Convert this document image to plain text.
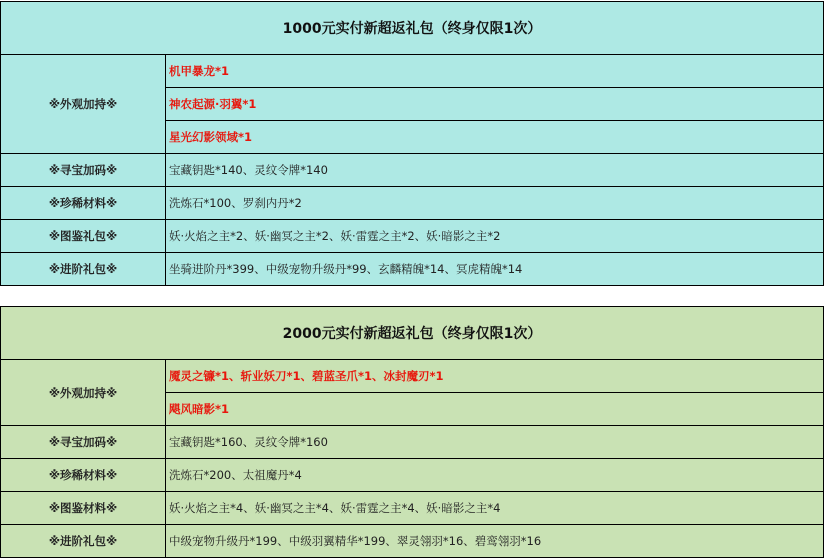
1000元实付新超返礼包（终身仅限1次）	
※外观加持※	机甲暴龙*1
	神农起源·羽翼*1
	星光幻影领域*1
※寻宝加码※	宝藏钥匙*140、灵纹令牌*140
※珍稀材料※	洗炼石*100、罗刹内丹*2
※图鉴礼包※	妖·火焰之主*2、妖·幽冥之主*2、妖·雷霆之主*2、妖·暗影之主*2
※进阶礼包※	坐骑进阶丹*399、中级宠物升级丹*99、玄麟精魄*14、冥虎精魄*14
2000元实付新超返礼包（终身仅限1次）	
※外观加持※	魇灵之镰*1、斩业妖刀*1、碧蓝圣爪*1、冰封魔刃*1
	飓风暗影*1
※寻宝加码※	宝藏钥匙*160、灵纹令牌*160
※珍稀材料※	洗炼石*200、太祖魔丹*4
※图鉴材料※	妖·火焰之主*4、妖·幽冥之主*4、妖·雷霆之主*4、妖·暗影之主*4
※进阶礼包※	中级宠物升级丹*199、中级羽翼精华*199、翠灵翎羽*16、碧鸾翎羽*16
